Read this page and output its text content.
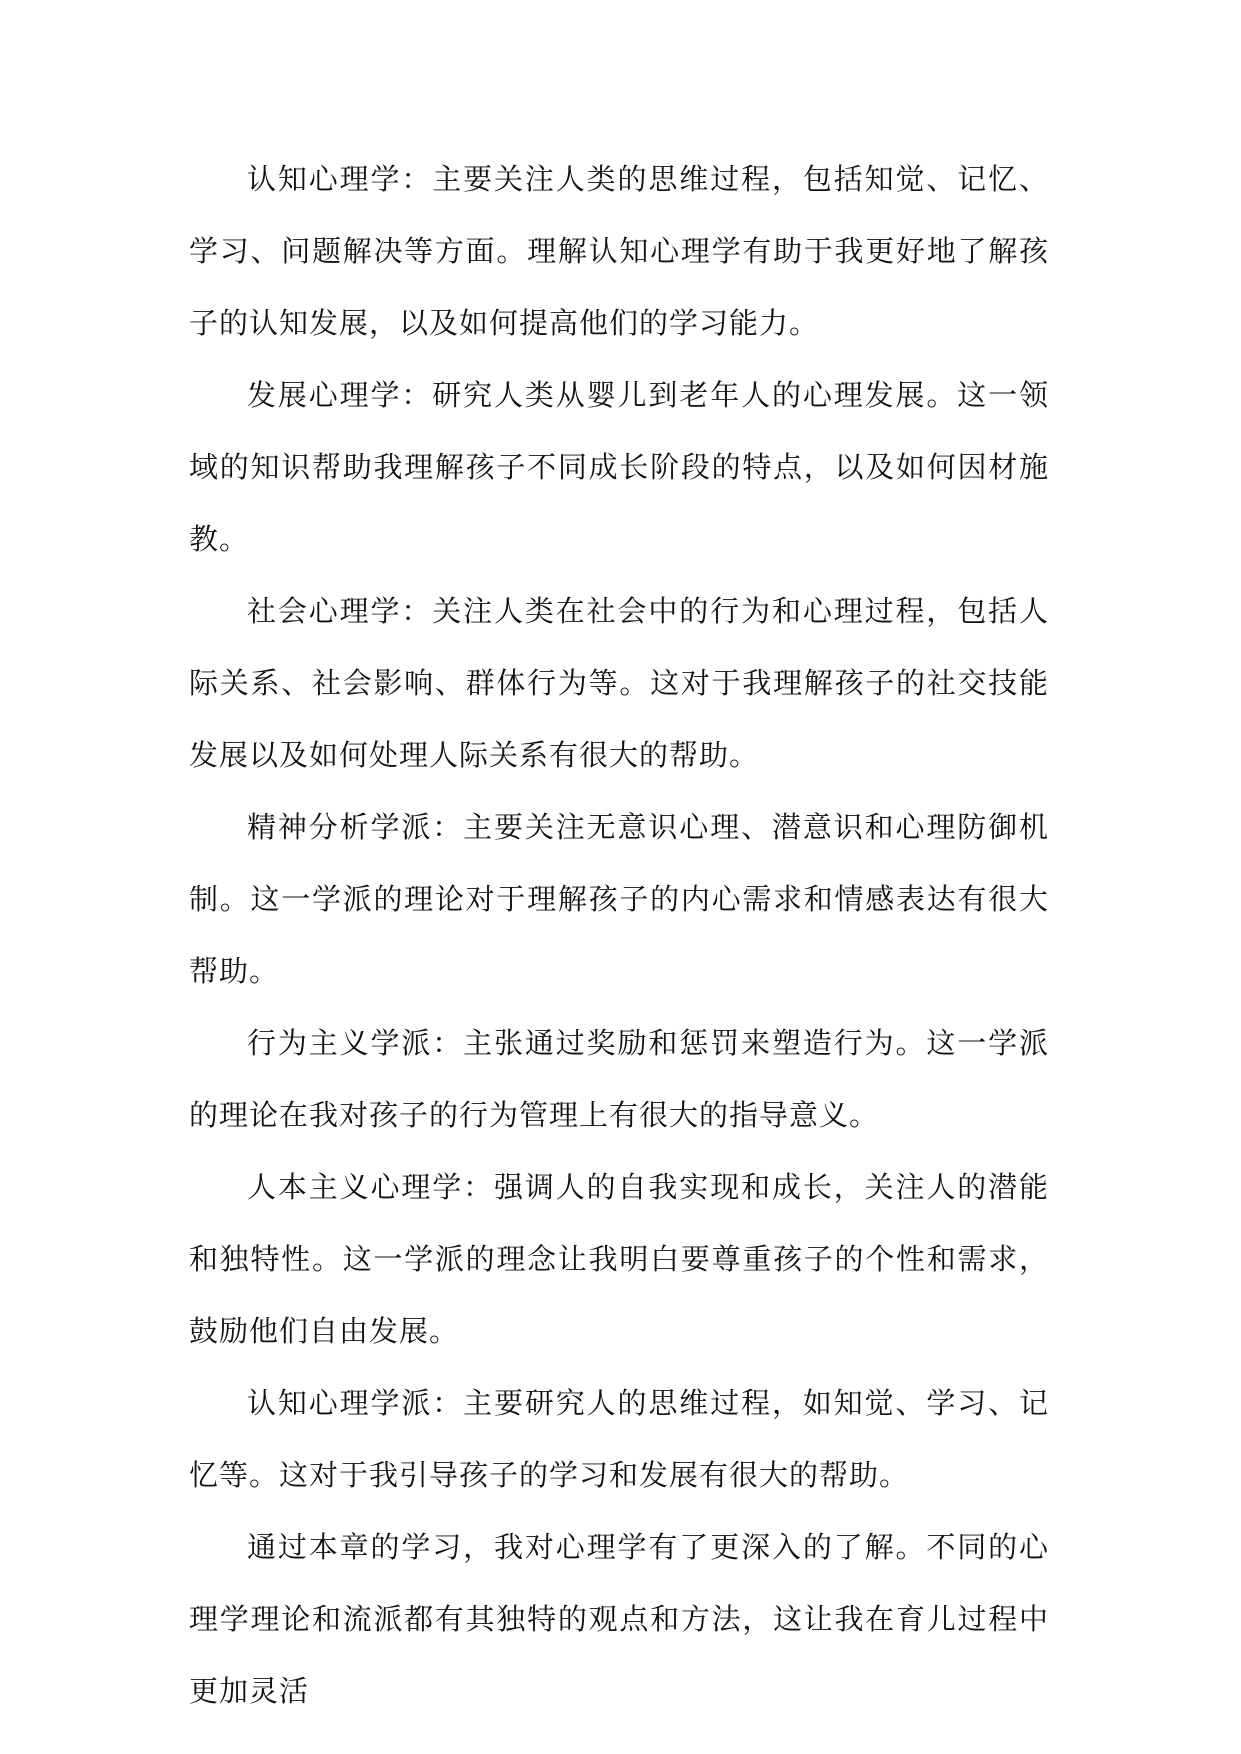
认知心理学：主要关注人类的思维过程，包括知觉、记忆、学习、问题解决等方面。理解认知心理学有助于我更好地了解孩子的认知发展，以及如何提高他们的学习能力。

发展心理学：研究人类从婴儿到老年人的心理发展。这一领域的知识帮助我理解孩子不同成长阶段的特点，以及如何因材施教。

社会心理学：关注人类在社会中的行为和心理过程，包括人际关系、社会影响、群体行为等。这对于我理解孩子的社交技能发展以及如何处理人际关系有很大的帮助。

精神分析学派：主要关注无意识心理、潜意识和心理防御机制。这一学派的理论对于理解孩子的内心需求和情感表达有很大帮助。

行为主义学派：主张通过奖励和惩罚来塑造行为。这一学派的理论在我对孩子的行为管理上有很大的指导意义。

人本主义心理学：强调人的自我实现和成长，关注人的潜能和独特性。这一学派的理念让我明白要尊重孩子的个性和需求，鼓励他们自由发展。

认知心理学派：主要研究人的思维过程，如知觉、学习、记忆等。这对于我引导孩子的学习和发展有很大的帮助。

通过本章的学习，我对心理学有了更深入的了解。不同的心理学理论和流派都有其独特的观点和方法，这让我在育儿过程中更加灵活
